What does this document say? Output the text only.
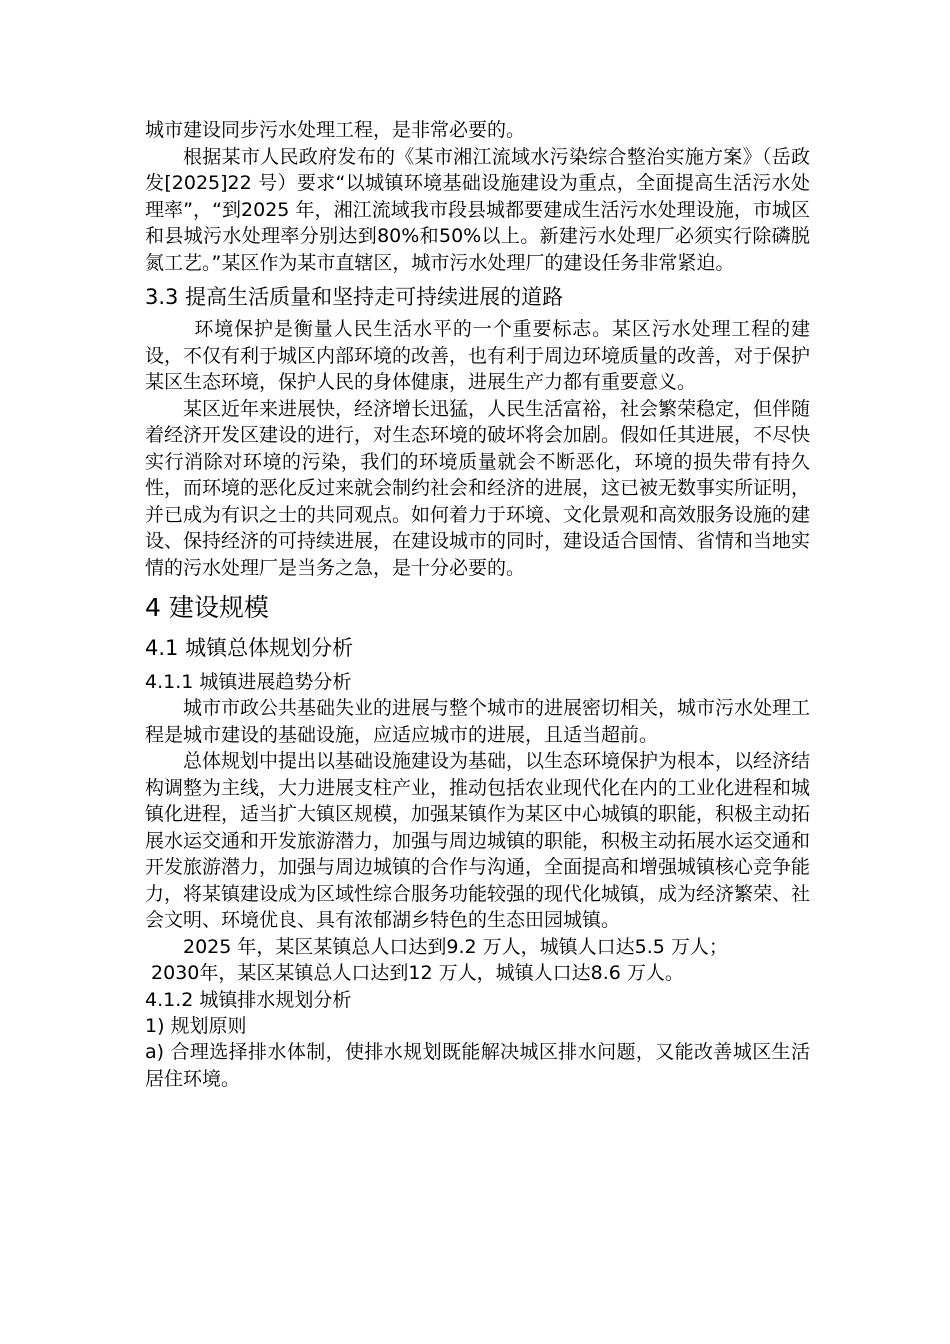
城市建设同步污水处理工程，是非常必要的。

根据某市人民政府发布的《某市湘江流域水污染综合整治实施方案》（岳政发[2025]22 号）要求“以城镇环境基础设施建设为重点，全面提高生活污水处理率”，“到2025 年，湘江流域我市段县城都要建成生活污水处理设施，市城区和县城污水处理率分别达到80%和50%以上。新建污水处理厂必须实行除磷脱氮工艺。”某区作为某市直辖区，城市污水处理厂的建设任务非常紧迫。

3.3 提高生活质量和坚持走可持续进展的道路

环境保护是衡量人民生活水平的一个重要标志。某区污水处理工程的建设，不仅有利于城区内部环境的改善，也有利于周边环境质量的改善，对于保护某区生态环境，保护人民的身体健康，进展生产力都有重要意义。

某区近年来进展快，经济增长迅猛，人民生活富裕，社会繁荣稳定，但伴随着经济开发区建设的进行，对生态环境的破坏将会加剧。假如任其进展，不尽快实行消除对环境的污染，我们的环境质量就会不断恶化，环境的损失带有持久性，而环境的恶化反过来就会制约社会和经济的进展，这已被无数事实所证明，并已成为有识之士的共同观点。如何着力于环境、文化景观和高效服务设施的建设、保持经济的可持续进展，在建设城市的同时，建设适合国情、省情和当地实情的污水处理厂是当务之急，是十分必要的。

4 建设规模

4.1 城镇总体规划分析

4.1.1 城镇进展趋势分析

城市市政公共基础失业的进展与整个城市的进展密切相关，城市污水处理工程是城市建设的基础设施，应适应城市的进展，且适当超前。

总体规划中提出以基础设施建设为基础，以生态环境保护为根本，以经济结构调整为主线，大力进展支柱产业，推动包括农业现代化在内的工业化进程和城镇化进程，适当扩大镇区规模，加强某镇作为某区中心城镇的职能，积极主动拓展水运交通和开发旅游潜力，加强与周边城镇的职能，积极主动拓展水运交通和开发旅游潜力，加强与周边城镇的合作与沟通，全面提高和增强城镇核心竞争能力，将某镇建设成为区域性综合服务功能较强的现代化城镇，成为经济繁荣、社会文明、环境优良、具有浓郁湖乡特色的生态田园城镇。

2025 年，某区某镇总人口达到9.2 万人，城镇人口达5.5 万人；

2030年，某区某镇总人口达到12 万人，城镇人口达8.6 万人。

4.1.2 城镇排水规划分析

1) 规划原则

a) 合理选择排水体制，使排水规划既能解决城区排水问题，又能改善城区生活居住环境。
